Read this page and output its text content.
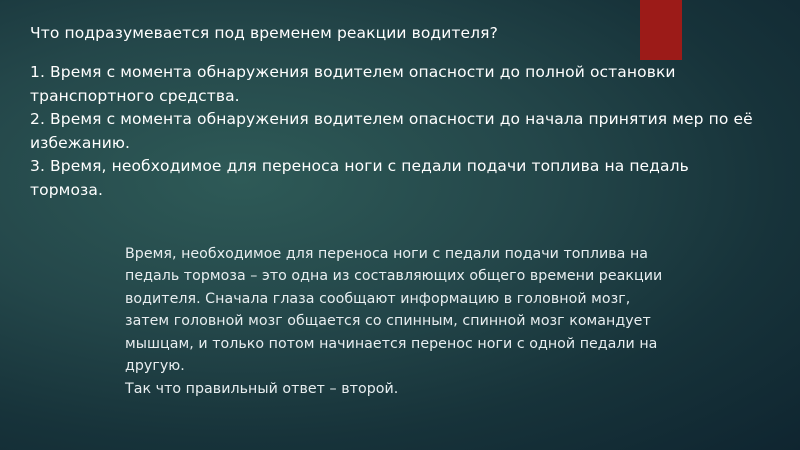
Что подразумевается под временем реакции водителя?

1. Время с момента обнаружения водителем опасности до полной остановки транспортного средства.

2. Время с момента обнаружения водителем опасности до начала принятия мер по её избежанию.

3. Время, необходимое для переноса ноги с педали подачи топлива на педаль тормоза.

Время, необходимое для переноса ноги с педали подачи топлива на педаль тормоза – это одна из составляющих общего времени реакции водителя. Сначала глаза сообщают информацию в головной мозг, затем головной мозг общается со спинным, спинной мозг командует мышцам, и только потом начинается перенос ноги с одной педали на другую.

Так что правильный ответ – второй.
